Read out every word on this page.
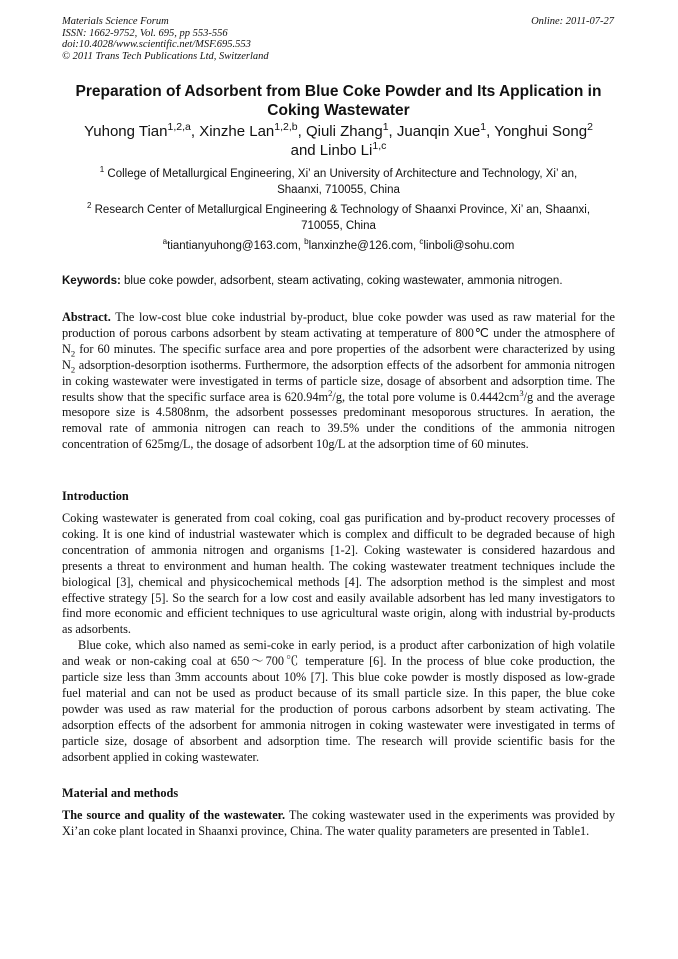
Materials Science Forum
ISSN: 1662-9752, Vol. 695, pp 553-556
doi:10.4028/www.scientific.net/MSF.695.553
© 2011 Trans Tech Publications Ltd, Switzerland
Online: 2011-07-27
Preparation of Adsorbent from Blue Coke Powder and Its Application in
Coking Wastewater
Yuhong Tian$^{1,2,a}$, Xinzhe Lan$^{1,2,b}$, Qiuli Zhang$^1$, Juanqin Xue$^1$, Yonghui Song$^2$
and Linbo Li$^{1,c}$
$^1$ College of Metallurgical Engineering, Xi’ an University of Architecture and Technology, Xi’ an,
Shaanxi, 710055, China
$^2$ Research Center of Metallurgical Engineering & Technology of Shaanxi Province, Xi’ an, Shaanxi,
710055, China
$^a$tiantianyuhong@163.com, $^b$lanxinzhe@126.com, $^c$linboli@sohu.com
Keywords: blue coke powder, adsorbent, steam activating, coking wastewater, ammonia nitrogen.

Abstract. The low-cost blue coke industrial by-product, blue coke powder was used as raw material for the production of porous carbons adsorbent by steam activating at temperature of 800℃ under the atmosphere of $N_2$ for 60 minutes. The specific surface area and pore properties of the adsorbent were characterized by using $N_2$ adsorption-desorption isotherms. Furthermore, the adsorption effects of the adsorbent for ammonia nitrogen in coking wastewater were investigated in terms of particle size, dosage of absorbent and adsorption time. The results show that the specific surface area is $620.94m^2/g$, the total pore volume is $0.4442cm^3/g$ and the average mesopore size is 4.5808nm, the adsorbent possesses predominant mesoporous structures. In aeration, the removal rate of ammonia nitrogen can reach to 39.5% under the conditions of the ammonia nitrogen concentration of 625mg/L, the dosage of adsorbent 10g/L at the adsorption time of 60 minutes.

Introduction

Coking wastewater is generated from coal coking, coal gas purification and by-product recovery processes of coking. It is one kind of industrial wastewater which is complex and difficult to be degraded because of high concentration of ammonia nitrogen and organisms [1-2]. Coking wastewater is considered hazardous and presents a threat to environment and human health. The coking wastewater treatment techniques include the biological [3], chemical and physicochemical methods [4]. The adsorption method is the simplest and most effective strategy [5]. So the search for a low cost and easily available adsorbent has led many investigators to find more economic and efficient techniques to use agricultural waste origin, along with industrial by-products as adsorbents.

Blue coke, which also named as semi-coke in early period, is a product after carbonization of high volatile and weak or non-caking coal at 650～700℃ temperature [6]. In the process of blue coke production, the particle size less than 3mm accounts about 10% [7]. This blue coke powder is mostly disposed as low-grade fuel material and can not be used as product because of its small particle size. In this paper, the blue coke powder was used as raw material for the production of porous carbons adsorbent by steam activating. The adsorption effects of the adsorbent for ammonia nitrogen in coking wastewater were investigated in terms of particle size, dosage of absorbent and adsorption time. The research will provide scientific basis for the adsorbent applied in coking wastewater.

Material and methods

The source and quality of the wastewater. The coking wastewater used in the experiments was provided by Xi’an coke plant located in Shaanxi province, China. The water quality parameters are presented in Table1.
